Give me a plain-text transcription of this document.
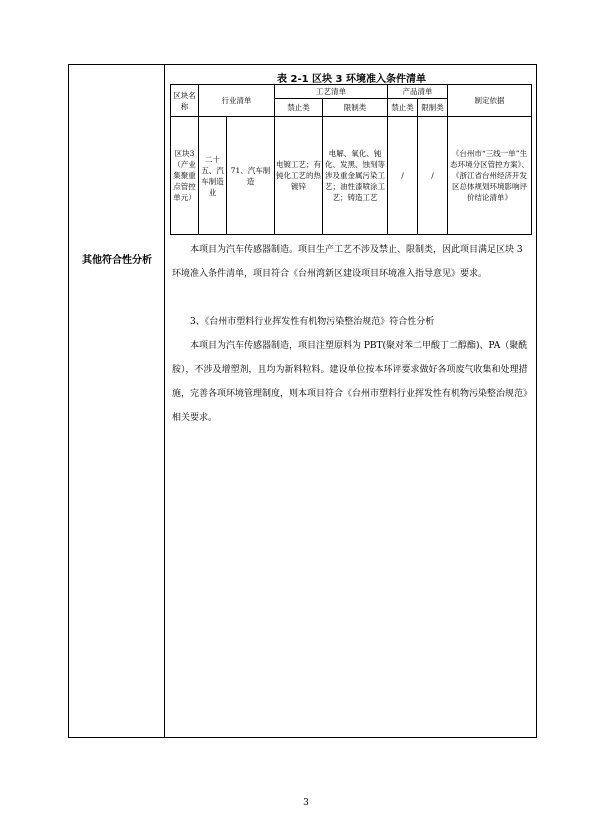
其他符合性分析
表 2-1 区块 3 环境准入条件清单
区块名称	行业清单		工艺清单		产品清单		制定依据
			禁止类	限制类	禁止类	限制类	
区块3（产业集聚重点管控单元）	二十五、汽车制造业	71、汽车制造	电镀工艺；有钝化工艺的热镀锌	电解、氧化、钝化、发黑、蚀刻等涉及重金属污染工艺；油性漆喷涂工艺；铸造工艺	/	/	《台州市“三线一单”生态环境分区管控方案》、《浙江省台州经济开发区总体规划环境影响评价结论清单》
本项目为汽车传感器制造。项目生产工艺不涉及禁止、限制类，因此项目满足区块 3 环境准入条件清单，项目符合《台州湾新区建设项目环境准入指导意见》要求。
3、《台州市塑料行业挥发性有机物污染整治规范》符合性分析
本项目为汽车传感器制造，项目注塑原料为 PBT(聚对苯二甲酸丁二醇酯)、PA（聚酰胺），不涉及增塑剂，且均为新料粒料。建设单位按本环评要求做好各项废气收集和处理措施，完善各项环境管理制度，则本项目符合《台州市塑料行业挥发性有机物污染整治规范》相关要求。
3
